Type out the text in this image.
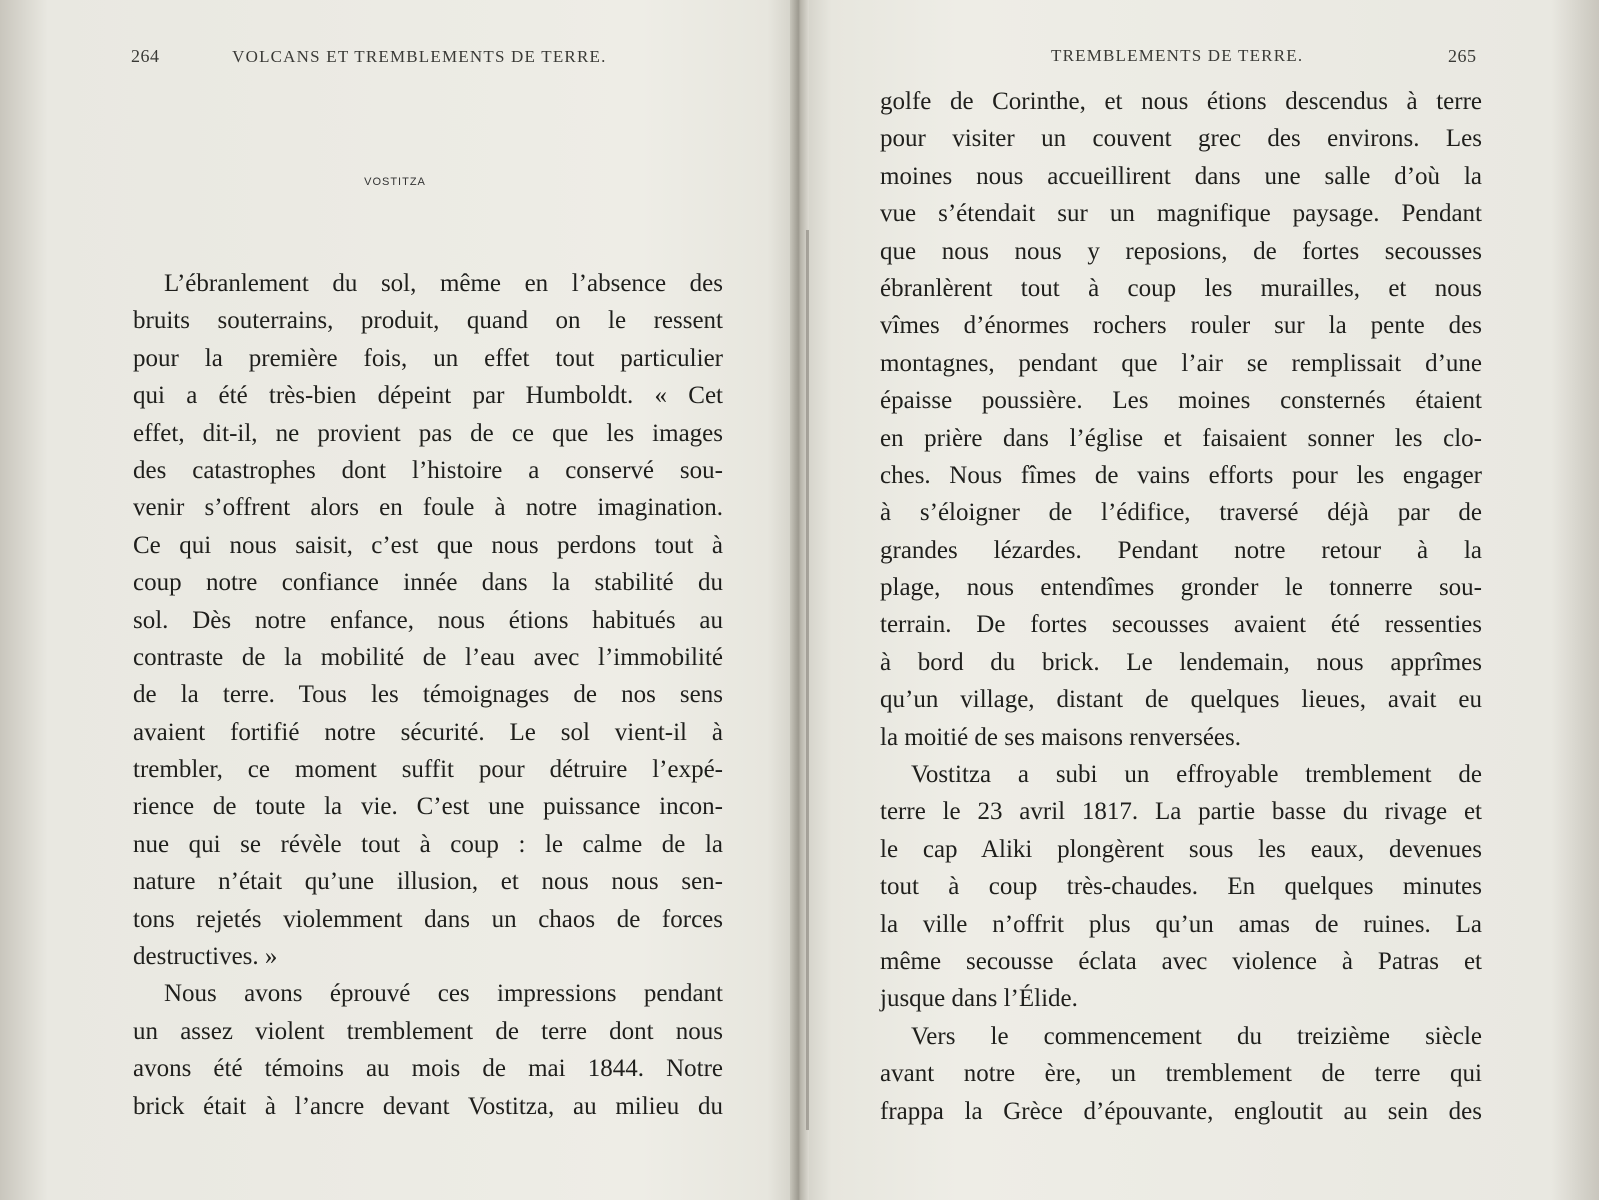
264	VOLCANS ET TREMBLEMENTS DE TERRE.
VOSTITZA
L’ébranlement du sol, même en l’absence des
bruits souterrains, produit, quand on le ressent
pour la première fois, un effet tout particulier
qui a été très-bien dépeint par Humboldt. « Cet
effet, dit-il, ne provient pas de ce que les images
des catastrophes dont l’histoire a conservé sou-
venir s’offrent alors en foule à notre imagination.
Ce qui nous saisit, c’est que nous perdons tout à
coup notre confiance innée dans la stabilité du
sol. Dès notre enfance, nous étions habitués au
contraste de la mobilité de l’eau avec l’immobilité
de la terre. Tous les témoignages de nos sens
avaient fortifié notre sécurité. Le sol vient-il à
trembler, ce moment suffit pour détruire l’expé-
rience de toute la vie. C’est une puissance incon-
nue qui se révèle tout à coup : le calme de la
nature n’était qu’une illusion, et nous nous sen-
tons rejetés violemment dans un chaos de forces
destructives. »
Nous avons éprouvé ces impressions pendant
un assez violent tremblement de terre dont nous
avons été témoins au mois de mai 1844. Notre
brick était à l’ancre devant Vostitza, au milieu du
TREMBLEMENTS DE TERRE.	265
golfe de Corinthe, et nous étions descendus à terre
pour visiter un couvent grec des environs. Les
moines nous accueillirent dans une salle d’où la
vue s’étendait sur un magnifique paysage. Pendant
que nous nous y reposions, de fortes secousses
ébranlèrent tout à coup les murailles, et nous
vîmes d’énormes rochers rouler sur la pente des
montagnes, pendant que l’air se remplissait d’une
épaisse poussière. Les moines consternés étaient
en prière dans l’église et faisaient sonner les clo-
ches. Nous fîmes de vains efforts pour les engager
à s’éloigner de l’édifice, traversé déjà par de
grandes lézardes. Pendant notre retour à la
plage, nous entendîmes gronder le tonnerre sou-
terrain. De fortes secousses avaient été ressenties
à bord du brick. Le lendemain, nous apprîmes
qu’un village, distant de quelques lieues, avait eu
la moitié de ses maisons renversées.
Vostitza a subi un effroyable tremblement de
terre le 23 avril 1817. La partie basse du rivage et
le cap Aliki plongèrent sous les eaux, devenues
tout à coup très-chaudes. En quelques minutes
la ville n’offrit plus qu’un amas de ruines. La
même secousse éclata avec violence à Patras et
jusque dans l’Élide.
Vers le commencement du treizième siècle
avant notre ère, un tremblement de terre qui
frappa la Grèce d’épouvante, engloutit au sein des
